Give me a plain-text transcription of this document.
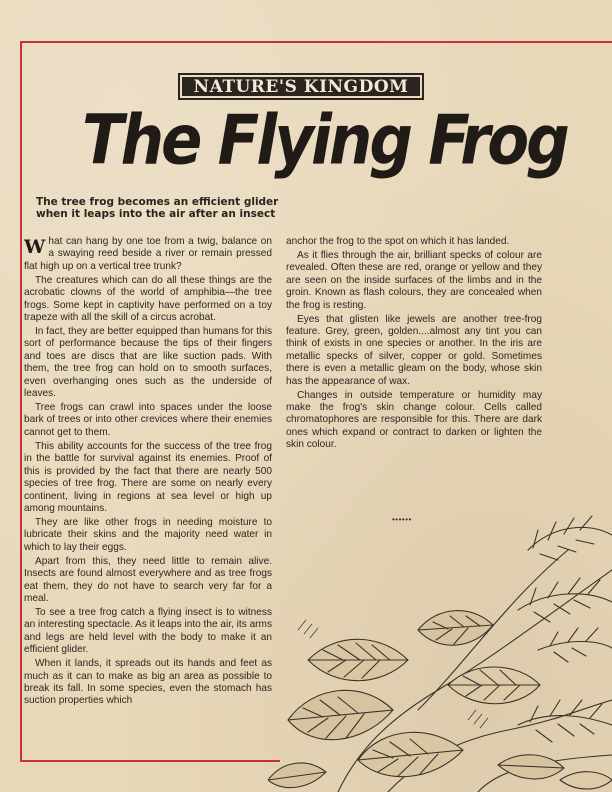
NATURE'S KINGDOM
The Flying Frog
The tree frog becomes an efficient glider when it leaps into the air after an insect

What can hang by one toe from a twig, balance on a swaying reed beside a river or remain pressed flat high up on a vertical tree trunk?

The creatures which can do all these things are the acrobatic clowns of the world of amphibia—the tree frogs. Some kept in captivity have performed on a toy trapeze with all the skill of a circus acrobat.

In fact, they are better equipped than humans for this sort of performance because the tips of their fingers and toes are discs that are like suction pads. With them, the tree frog can hold on to smooth surfaces, even overhanging ones such as the underside of leaves.

Tree frogs can crawl into spaces under the loose bark of trees or into other crevices where their enemies cannot get to them.

This ability accounts for the success of the tree frog in the battle for survival against its enemies. Proof of this is provided by the fact that there are nearly 500 species of tree frog. There are some on nearly every continent, living in regions at sea level or high up among mountains.

They are like other frogs in needing moisture to lubricate their skins and the majority need water in which to lay their eggs.

Apart from this, they need little to remain alive. Insects are found almost everywhere and as tree frogs eat them, they do not have to search very far for a meal.

To see a tree frog catch a flying insect is to witness an interesting spectacle. As it leaps into the air, its arms and legs are held level with the body to make it an efficient glider.

When it lands, it spreads out its hands and feet as much as it can to make as big an area as possible to break its fall. In some species, even the stomach has suction properties which

anchor the frog to the spot on which it has landed.

As it flies through the air, brilliant specks of colour are revealed. Often these are red, orange or yellow and they are seen on the inside surfaces of the limbs and in the groin. Known as flash colours, they are concealed when the frog is resting.

Eyes that glisten like jewels are another tree-frog feature. Grey, green, golden....almost any tint you can think of exists in one species or another. In the iris are metallic specks of silver, copper or gold. Sometimes there is even a metallic gleam on the body, whose skin has the appearance of wax.

Changes in outside temperature or humidity may make the frog's skin change colour. Cells called chromatophores are responsible for this. There are dark ones which expand or contract to darken or lighten the skin colour.

••••••
